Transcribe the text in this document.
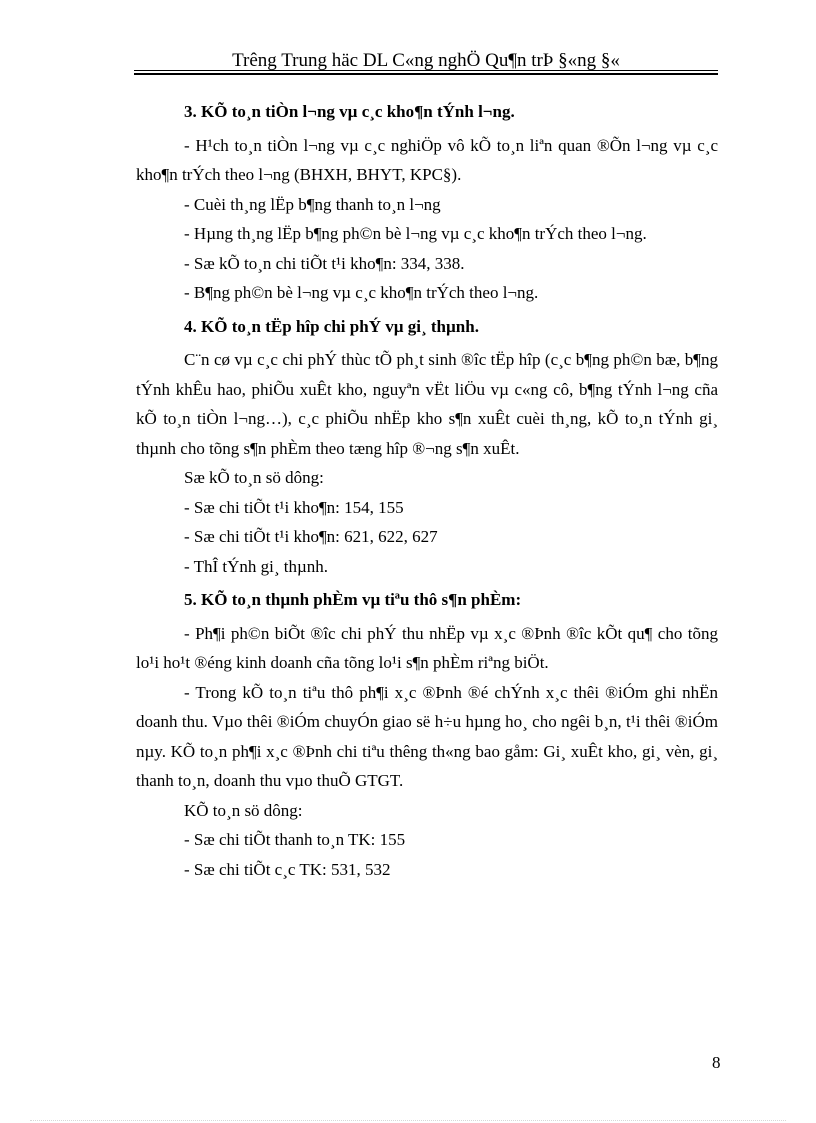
Trêng Trung häc DL C«ng nghÖ Qu¶n trÞ §«ng §«

3. KÕ to¸n tiÒn l¬ng vµ c¸c kho¶n tÝnh l¬ng.

- H¹ch to¸n tiÒn l¬ng vµ c¸c nghiÖp vô kÕ to¸n liªn quan ®Õn l¬ng vµ c¸c kho¶n trÝch theo l¬ng (BHXH, BHYT, KPC§).

- Cuèi th¸ng lËp b¶ng thanh to¸n l¬ng

- Hµng th¸ng lËp b¶ng ph©n bè l¬ng vµ c¸c kho¶n trÝch theo l¬ng.

- Sæ kÕ to¸n chi tiÕt t¹i kho¶n: 334, 338.

- B¶ng ph©n bè l¬ng vµ c¸c kho¶n trÝch theo l¬ng.

4. KÕ to¸n tËp hîp chi phÝ vµ gi¸ thµnh.

C¨n cø vµ c¸c chi phÝ thùc tÕ ph¸t sinh ®îc tËp hîp (c¸c b¶ng ph©n bæ, b¶ng tÝnh khÊu hao, phiÕu xuÊt kho, nguyªn vËt liÖu vµ c«ng cô, b¶ng tÝnh l¬ng cña kÕ to¸n tiÒn l¬ng…), c¸c phiÕu nhËp kho s¶n xuÊt cuèi th¸ng, kÕ to¸n tÝnh gi¸ thµnh cho tõng s¶n phÈm theo tæng hîp ®¬ng s¶n xuÊt.

Sæ kÕ to¸n sö dông:

- Sæ chi tiÕt t¹i kho¶n: 154, 155

- Sæ chi tiÕt t¹i kho¶n: 621, 622, 627

- ThÎ tÝnh gi¸ thµnh.

5. KÕ to¸n thµnh phÈm vµ tiªu thô s¶n phÈm:

- Ph¶i ph©n biÕt ®îc chi phÝ thu nhËp vµ x¸c ®Þnh ®îc kÕt qu¶ cho tõng lo¹i ho¹t ®éng kinh doanh cña tõng lo¹i s¶n phÈm riªng biÖt.

- Trong kÕ to¸n tiªu thô ph¶i x¸c ®Þnh ®é chÝnh x¸c thêi ®iÓm ghi nhËn doanh thu. Vµo thêi ®iÓm chuyÓn giao së h÷u hµng ho¸ cho ngêi b¸n, t¹i thêi ®iÓm nµy. KÕ to¸n ph¶i x¸c ®Þnh chi tiªu thêng th«ng bao gåm: Gi¸ xuÊt kho, gi¸ vèn, gi¸ thanh to¸n, doanh thu vµo thuÕ GTGT.

KÕ to¸n sö dông:

- Sæ chi tiÕt thanh to¸n TK: 155

- Sæ chi tiÕt c¸c TK: 531, 532

8
